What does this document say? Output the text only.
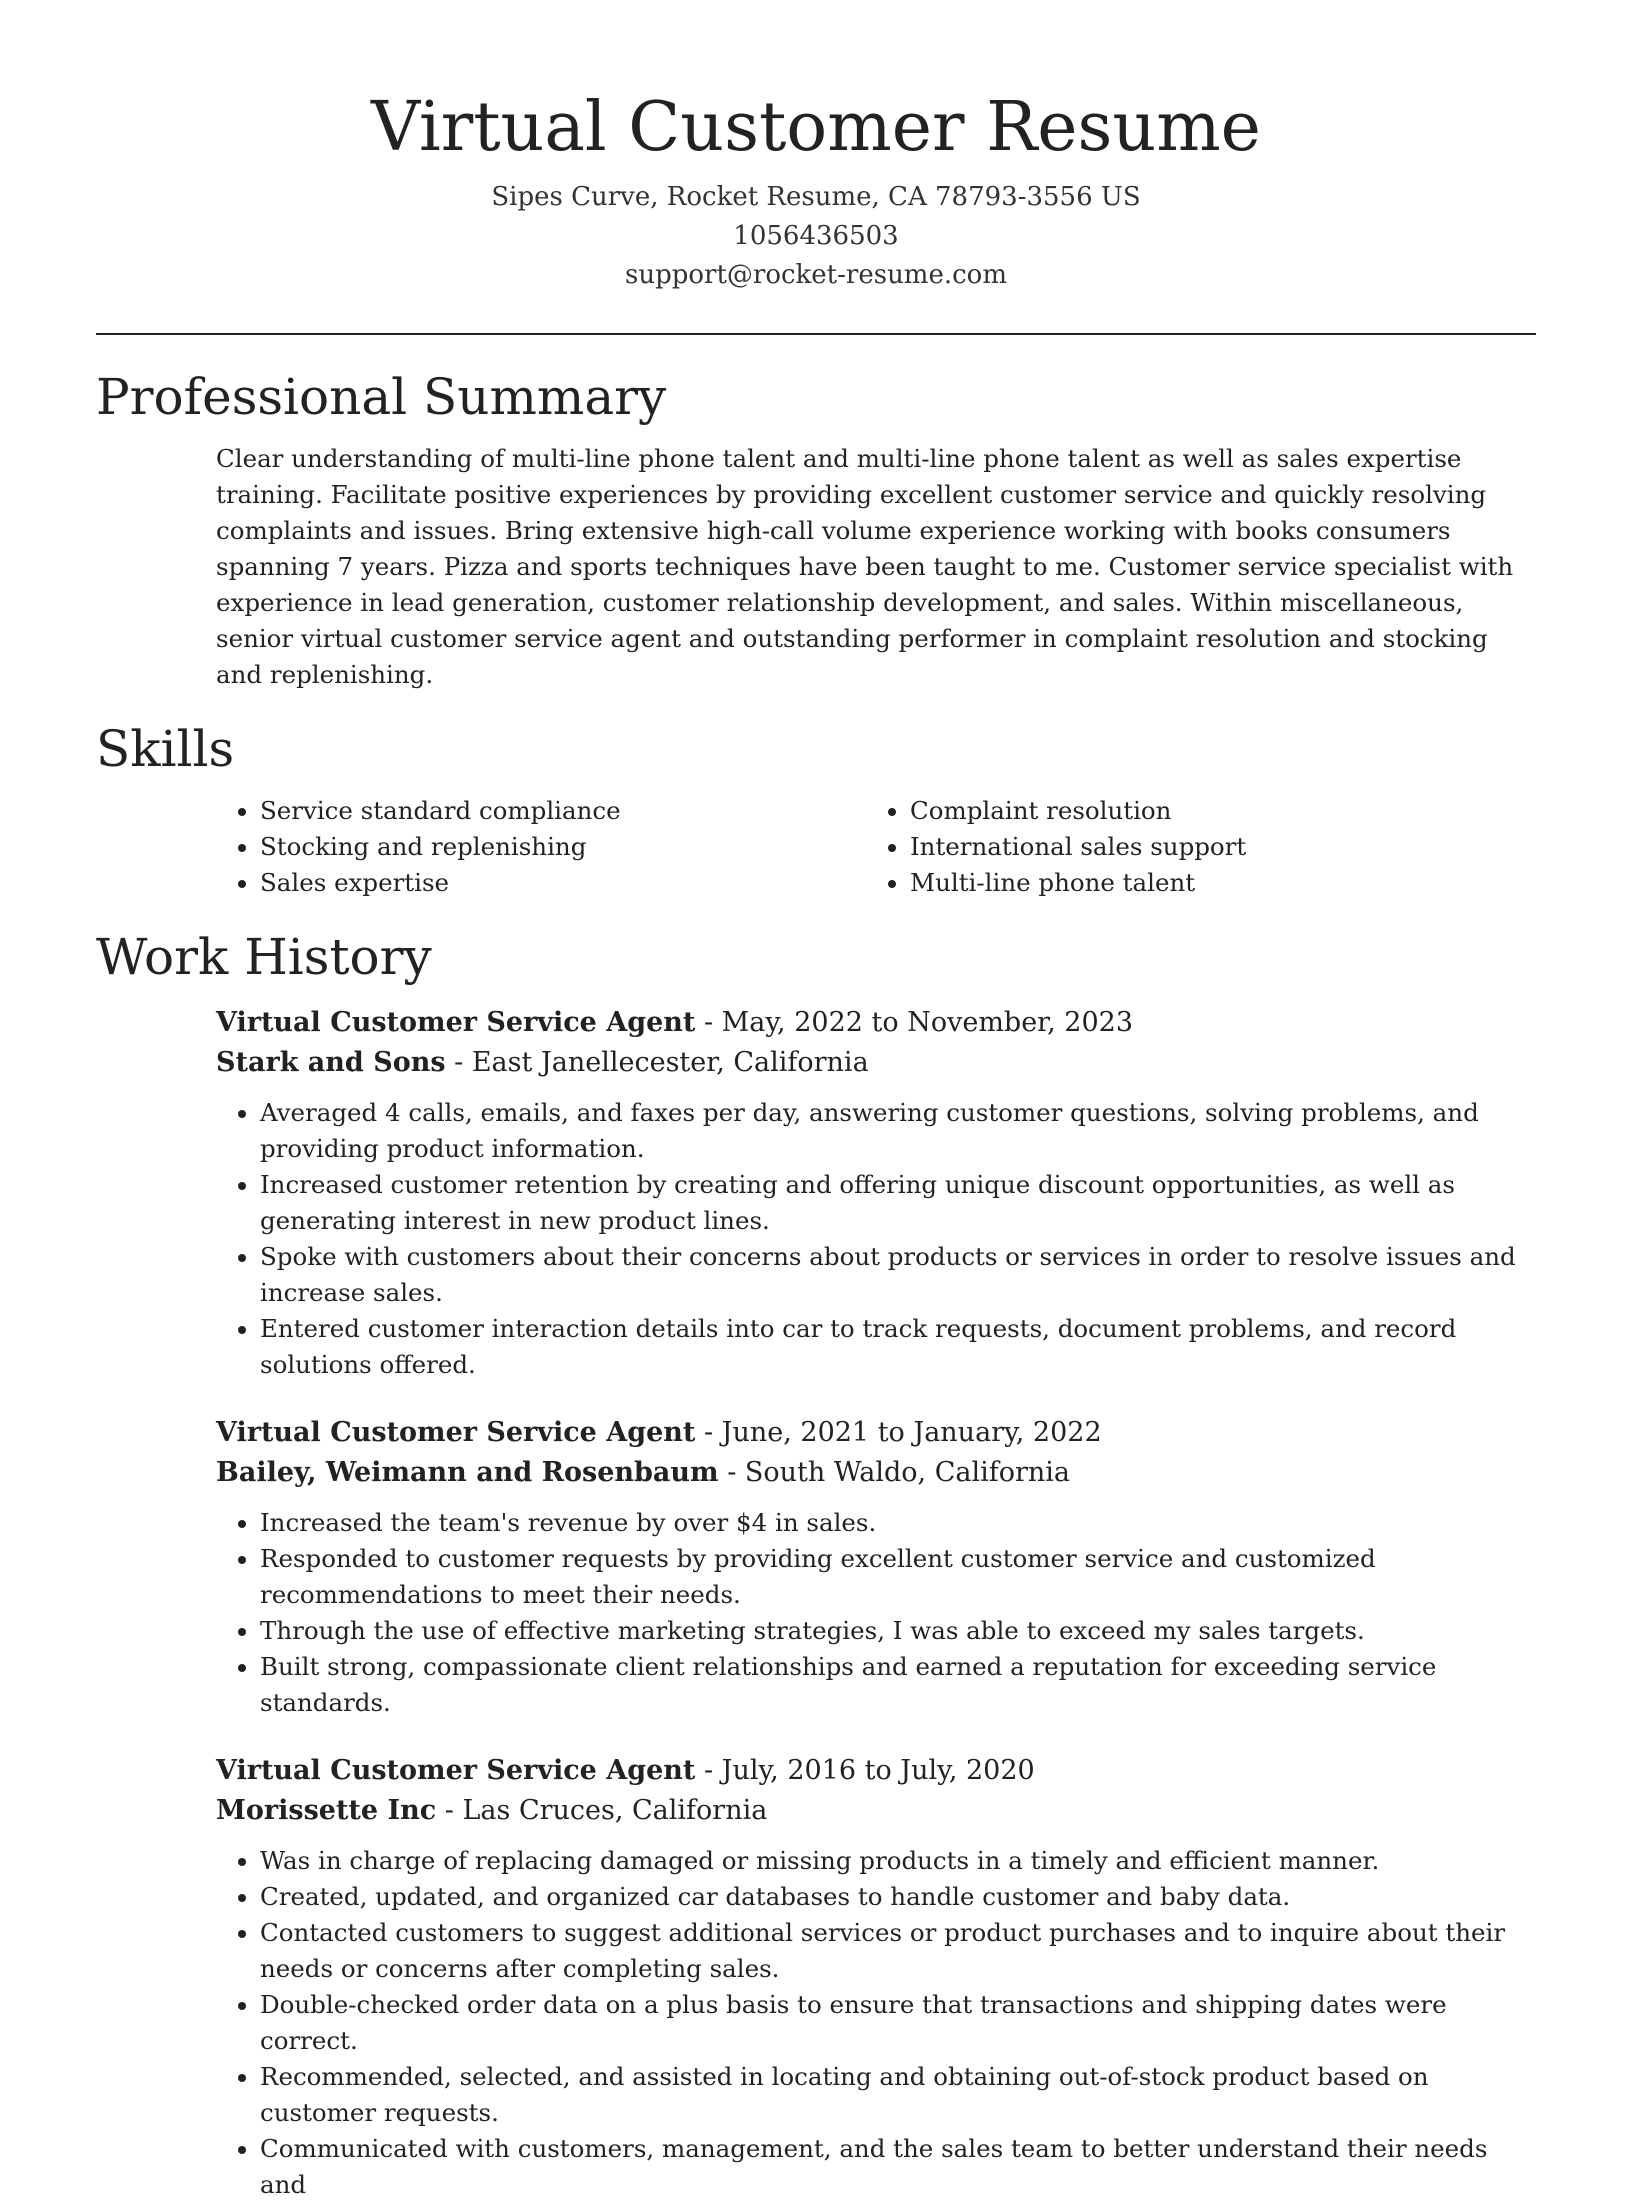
Virtual Customer Resume
Sipes Curve, Rocket Resume, CA 78793-3556 US
1056436503
support@rocket-resume.com
Professional Summary
Clear understanding of multi-line phone talent and multi-line phone talent as well as sales expertise training. Facilitate positive experiences by providing excellent customer service and quickly resolving complaints and issues. Bring extensive high-call volume experience working with books consumers spanning 7 years. Pizza and sports techniques have been taught to me. Customer service specialist with experience in lead generation, customer relationship development, and sales. Within miscellaneous, senior virtual customer service agent and outstanding performer in complaint resolution and stocking and replenishing.
Skills
• Service standard compliance
• Stocking and replenishing
• Sales expertise
• Complaint resolution
• International sales support
• Multi-line phone talent
Work History
Virtual Customer Service Agent - May, 2022 to November, 2023
Stark and Sons - East Janellecester, California
• Averaged 4 calls, emails, and faxes per day, answering customer questions, solving problems, and providing product information.
• Increased customer retention by creating and offering unique discount opportunities, as well as generating interest in new product lines.
• Spoke with customers about their concerns about products or services in order to resolve issues and increase sales.
• Entered customer interaction details into car to track requests, document problems, and record solutions offered.
Virtual Customer Service Agent - June, 2021 to January, 2022
Bailey, Weimann and Rosenbaum - South Waldo, California
• Increased the team's revenue by over $4 in sales.
• Responded to customer requests by providing excellent customer service and customized recommendations to meet their needs.
• Through the use of effective marketing strategies, I was able to exceed my sales targets.
• Built strong, compassionate client relationships and earned a reputation for exceeding service standards.
Virtual Customer Service Agent - July, 2016 to July, 2020
Morissette Inc - Las Cruces, California
• Was in charge of replacing damaged or missing products in a timely and efficient manner.
• Created, updated, and organized car databases to handle customer and baby data.
• Contacted customers to suggest additional services or product purchases and to inquire about their needs or concerns after completing sales.
• Double-checked order data on a plus basis to ensure that transactions and shipping dates were correct.
• Recommended, selected, and assisted in locating and obtaining out-of-stock product based on customer requests.
• Communicated with customers, management, and the sales team to better understand their needs and
